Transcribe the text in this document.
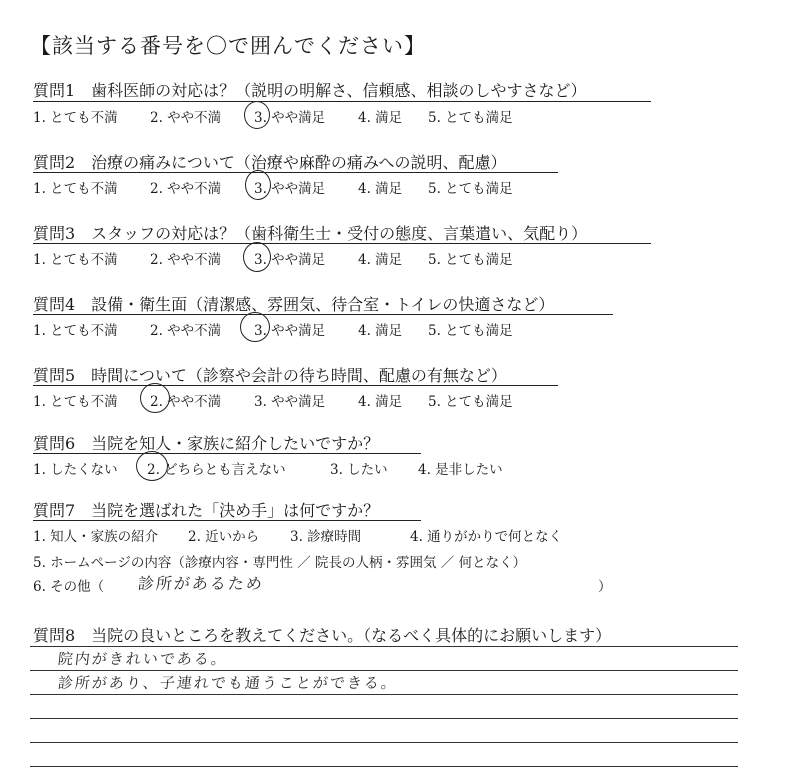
【該当する番号を〇で囲んでください】
質問1　歯科医師の対応は？（説明の明解さ、信頼感、相談のしやすさなど）
1. とても不満 2. やや不満 3. やや満足 4. 満足 5. とても満足
質問2　治療の痛みについて（治療や麻酔の痛みへの説明、配慮）
1. とても不満 2. やや不満 3. やや満足 4. 満足 5. とても満足
質問3　スタッフの対応は？（歯科衛生士・受付の態度、言葉遣い、気配り）
1. とても不満 2. やや不満 3. やや満足 4. 満足 5. とても満足
質問4　設備・衛生面（清潔感、雰囲気、待合室・トイレの快適さなど）
1. とても不満 2. やや不満 3. やや満足 4. 満足 5. とても満足
質問5　時間について（診察や会計の待ち時間、配慮の有無など）
1. とても不満 2. やや不満 3. やや満足 4. 満足 5. とても満足
質問6　当院を知人・家族に紹介したいですか？
1. したくない 2. どちらとも言えない	3. したい 4. 是非したい
質問7　当院を選ばれた「決め手」は何ですか？
1. 知人・家族の紹介 2. 近いから 3. 診療時間	4. 通りがかりで何となく
5. ホームページの内容（診療内容・専門性 ／ 院長の人柄・雰囲気 ／ 何となく）
6. その他（ 診所があるため	）
質問8　当院の良いところを教えてください。（なるべく具体的にお願いします）
院内がきれいである。
診所があり、子連れでも通うことができる。
